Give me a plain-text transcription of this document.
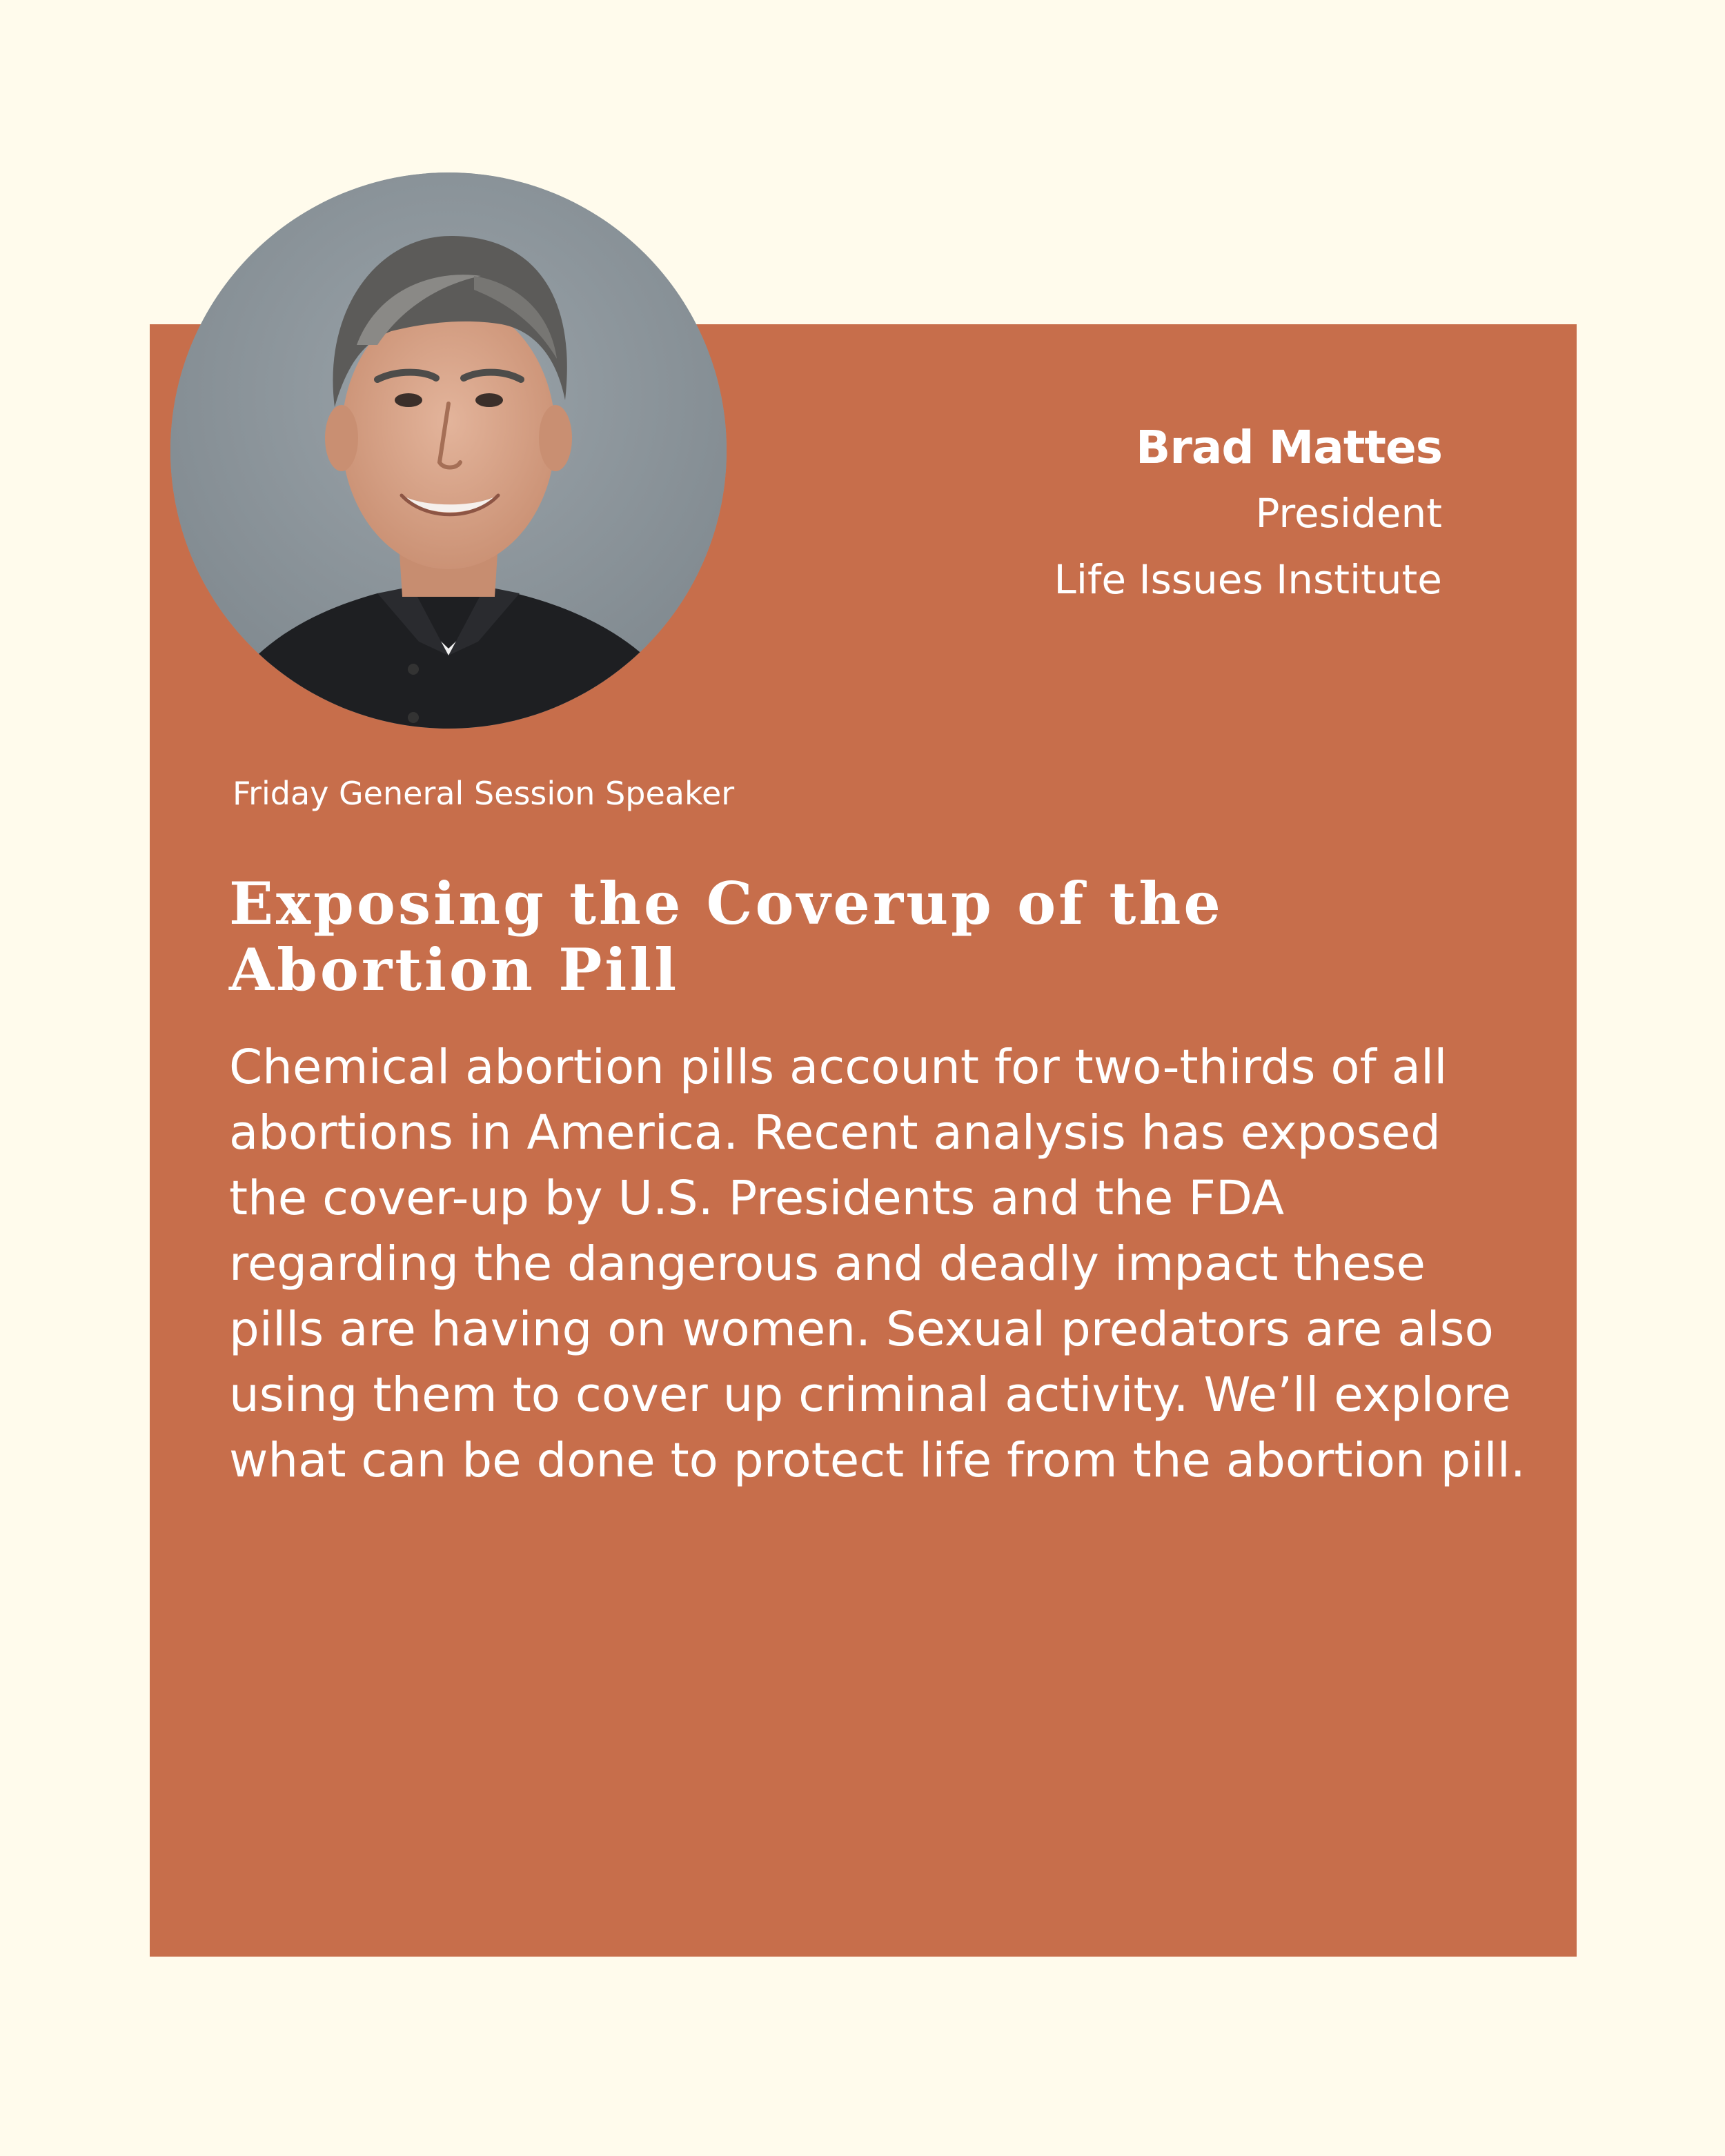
Brad Mattes
President
Life Issues Institute
Friday General Session Speaker
Exposing the Coverup of the Abortion Pill

Chemical abortion pills account for two-thirds of all abortions in America. Recent analysis has exposed the cover-up by U.S. Presidents and the FDA regarding the dangerous and deadly impact these pills are having on women. Sexual predators are also using them to cover up criminal activity. We’ll explore what can be done to protect life from the abortion pill.
